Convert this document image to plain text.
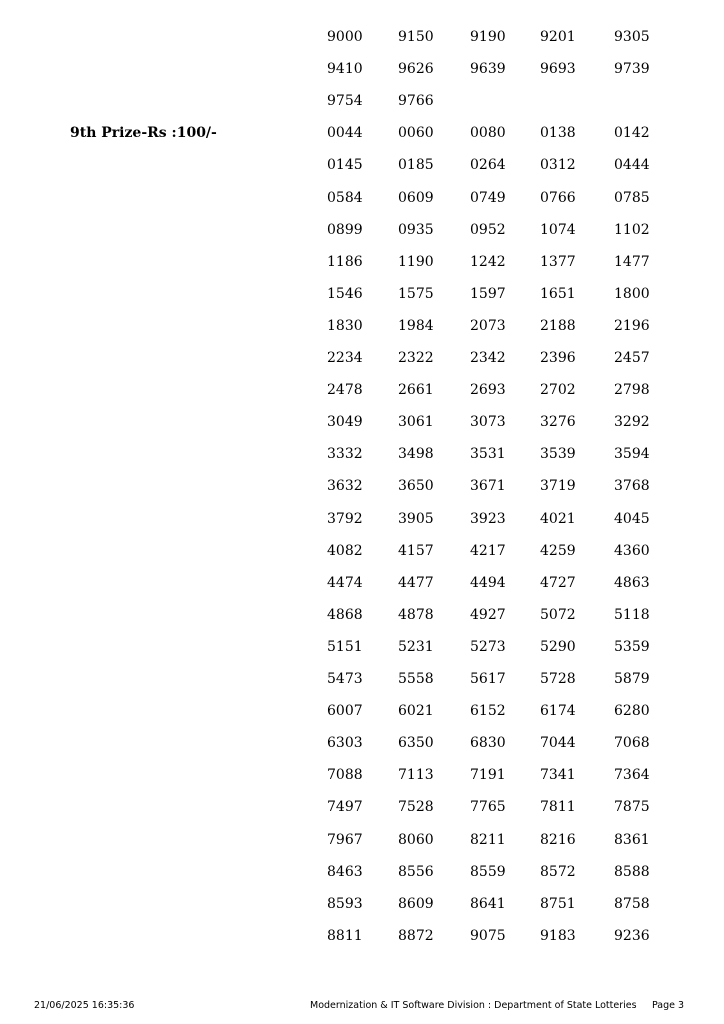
9th Prize-Rs :100/-
9000	9150	9190 9201	9305
9410	9626	9639 9693	9739
9754	9766
0044	0060	0080 0138	0142
0145	0185	0264 0312	0444
0584	0609	0749 0766	0785
0899	0935	0952 1074	1102
1186	1190	1242 1377	1477
1546	1575	1597 1651	1800
1830	1984	2073 2188	2196
2234	2322	2342 2396	2457
2478	2661	2693 2702	2798
3049	3061	3073 3276	3292
3332	3498	3531 3539	3594
3632	3650	3671 3719	3768
3792	3905	3923 4021	4045
4082	4157	4217 4259	4360
4474	4477	4494 4727	4863
4868	4878	4927 5072	5118
5151	5231	5273 5290	5359
5473	5558	5617 5728	5879
6007	6021	6152 6174	6280
6303	6350	6830 7044	7068
7088	7113	7191 7341	7364
7497	7528	7765 7811	7875
7967	8060	8211 8216	8361
8463	8556	8559 8572	8588
8593	8609	8641 8751	8758
8811	8872	9075 9183	9236
21/06/2025 16:35:36	Modernization & IT Software Division : Department of State Lotteries Page 3
